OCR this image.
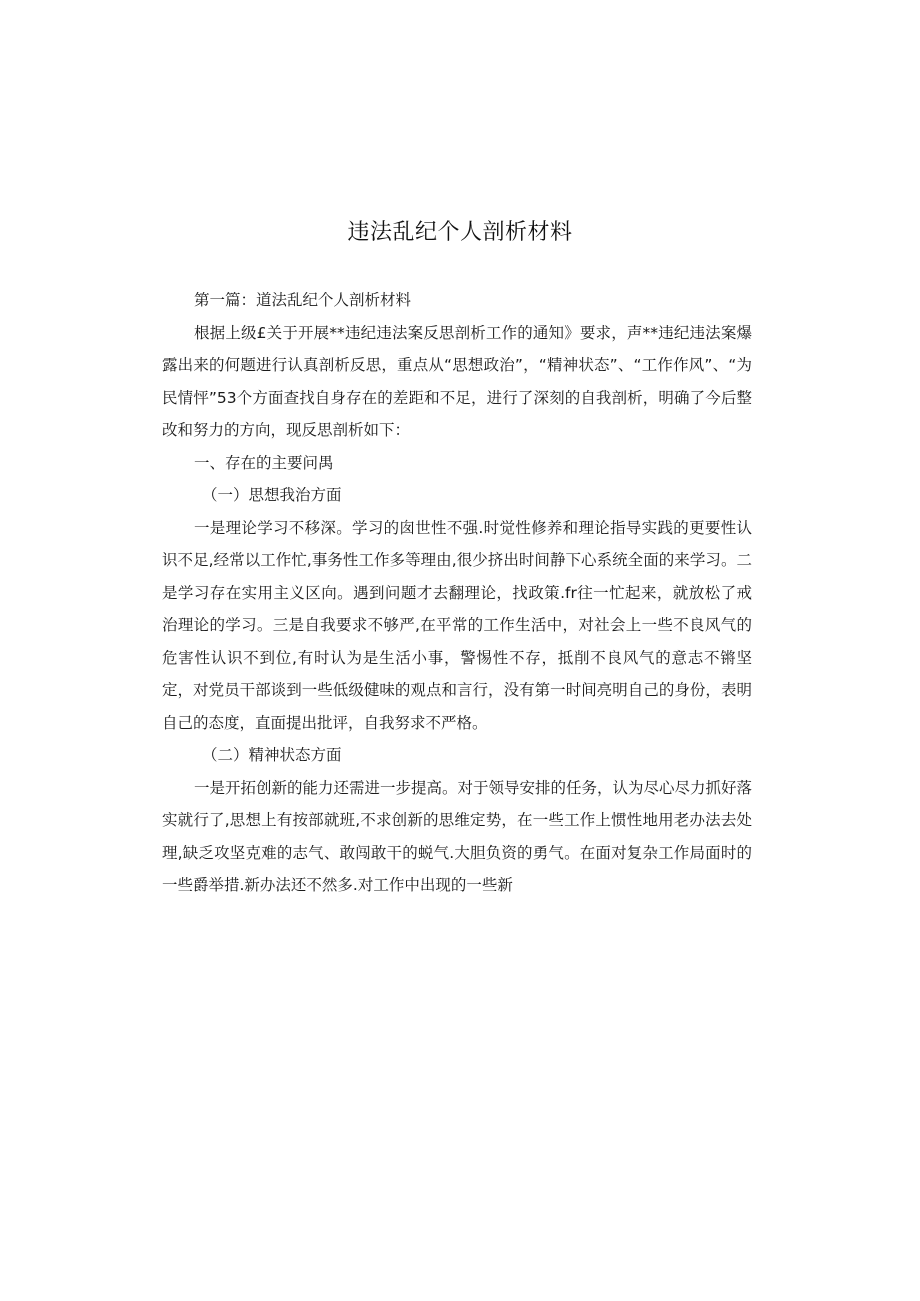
违法乱纪个人剖析材料

第一篇：道法乱纪个人剖析材料

根据上级£关于开展**违纪违法案反思剖析工作的通知》要求，声**违纪违法案爆露出来的何题进行认真剖析反思，重点从“思想政治”，“精神状态”、“工作作风”、“为民情怦”53个方面查找自身存在的差距和不足，进行了深刻的自我剖析，明确了今后整改和努力的方向，现反思剖析如下：

一、存在的主要问禺

（一）思想我治方面

一是理论学习不移深。学习的囱世性不强.时觉性修养和理论指导实践的更要性认识不足,经常以工作忙,事务性工作多等理由,很少挤出时间静下心系统全面的来学习。二是学习存在实用主义区向。遇到问题才去翻理论，找政策.fr往一忙起来，就放松了戒治理论的学习。三是自我要求不够严,在平常的工作生活中，对社会上一些不良风气的危害性认识不到位,有时认为是生活小事，警惕性不存，抵削不良风气的意志不锵坚定，对党员干部谈到一些低级健味的观点和言行，没有第一时间亮明自己的身份，表明自己的态度，直面提出批评，自我努求不严格。

（二）精神状态方面

一是开拓创新的能力还需进一步提高。对于领导安排的任务，认为尽心尽力抓好落实就行了,思想上有按部就班,不求创新的思维定势，在一些工作上惯性地用老办法去处理,缺乏攻坚克难的志气、敢闯敢干的蜕气.大胆负资的勇气。在面对复杂工作局面时的一些爵举措.新办法还不然多.对工作中出现的一些新
